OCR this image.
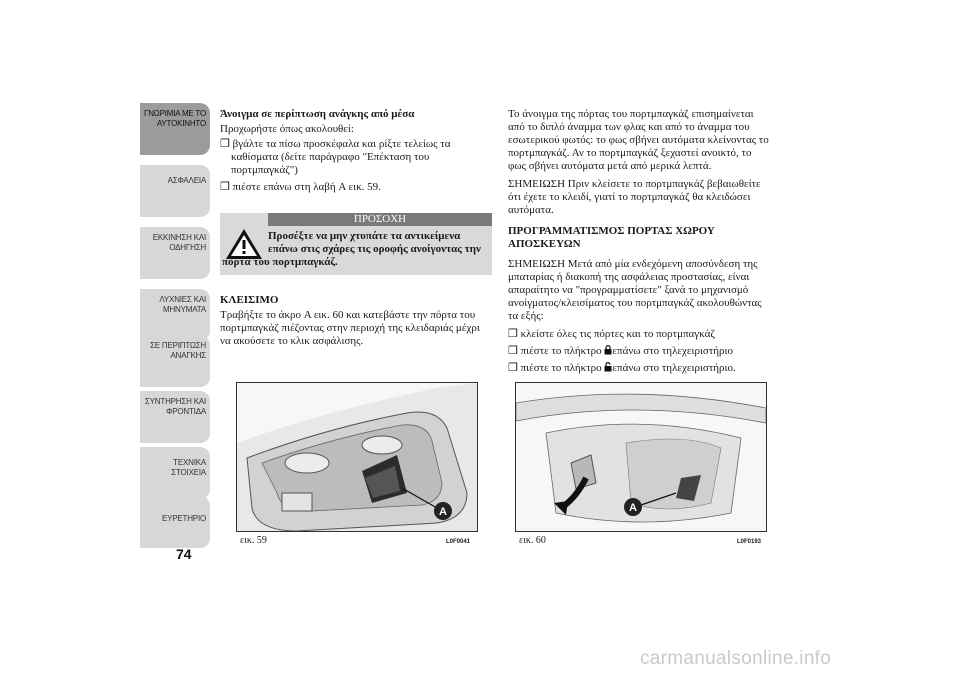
ΓΝΩΡΙΜΙΑ ΜΕ ΤΟ ΑΥΤΟΚΙΝΗΤΟ
ΑΣΦΑΛΕΙΑ
ΕΚΚΙΝΗΣΗ ΚΑΙ ΟΔΗΓΗΣΗ
ΛΥΧΝΙΕΣ ΚΑΙ ΜΗΝΥΜΑΤΑ
ΣΕ ΠΕΡΙΠΤΩΣΗ ΑΝΑΓΚΗΣ
ΣΥΝΤΗΡΗΣΗ ΚΑΙ ΦΡΟΝΤΙΔΑ
ΤΕΧΝΙΚΑ ΣΤΟΙΧΕΙΑ
ΕΥΡΕΤΗΡΙΟ
74

Άνοιγμα σε περίπτωση ανάγκης από μέσα

Προχωρήστε όπως ακολουθεί:

❒ βγάλτε τα πίσω προσκέφαλα και ρίξτε τελείως τα

καθίσματα (δείτε παράγραφο "Επέκταση του

πορτμπαγκάζ")

❒ πιέστε επάνω στη λαβή A εικ. 59.

ΠΡΟΣΟΧΗ
Προσέξτε να μην χτυπάτε τα αντικείμενα
επάνω στις σχάρες τις οροφής ανοίγοντας την
πόρτα του πορτμπαγκάζ.

ΚΛΕΙΣΙΜΟ

Τραβήξτε το άκρο A εικ. 60 και κατεβάστε την πόρτα του

πορτμπαγκάζ πιέζοντας στην περιοχή της κλειδαριάς μέχρι

να ακούσετε το κλικ ασφάλισης.

Το άνοιγμα της πόρτας του πορτμπαγκάζ επισημαίνεται

από το διπλό άναμμα των φλας και από το άναμμα του

εσωτερικού φωτός: το φως σβήνει αυτόματα κλείνοντας το

πορτμπαγκάζ. Αν το πορτμπαγκάζ ξεχαστεί ανοικτό, το

φως σβήνει αυτόματα μετά από μερικά λεπτά.

ΣΗΜΕΙΩΣΗ Πριν κλείσετε το πορτμπαγκάζ βεβαιωθείτε

ότι έχετε το κλειδί, γιατί το πορτμπαγκάζ θα κλειδώσει

αυτόματα.

ΠΡΟΓΡΑΜΜΑΤΙΣΜΟΣ ΠΟΡΤΑΣ ΧΩΡΟΥ

ΑΠΟΣΚΕΥΩΝ

ΣΗΜΕΙΩΣΗ Μετά από μία ενδεχόμενη αποσύνδεση της

μπαταρίας ή διακοπή της ασφάλειας προστασίας, είναι

απαραίτητο να "προγραμματίσετε" ξανά το μηχανισμό

ανοίγματος/κλεισίματος του πορτμπαγκάζ ακολουθώντας

τα εξής:

❒ κλείστε όλες τις πόρτες και το πορτμπαγκάζ

❒ πιέστε το πλήκτρο επάνω στο τηλεχειριστήριο

❒ πιέστε το πλήκτρο επάνω στο τηλεχειριστήριο.

A
εικ. 59	L0F0041
A
εικ. 60	L0F0193
carmanualsonline.info
